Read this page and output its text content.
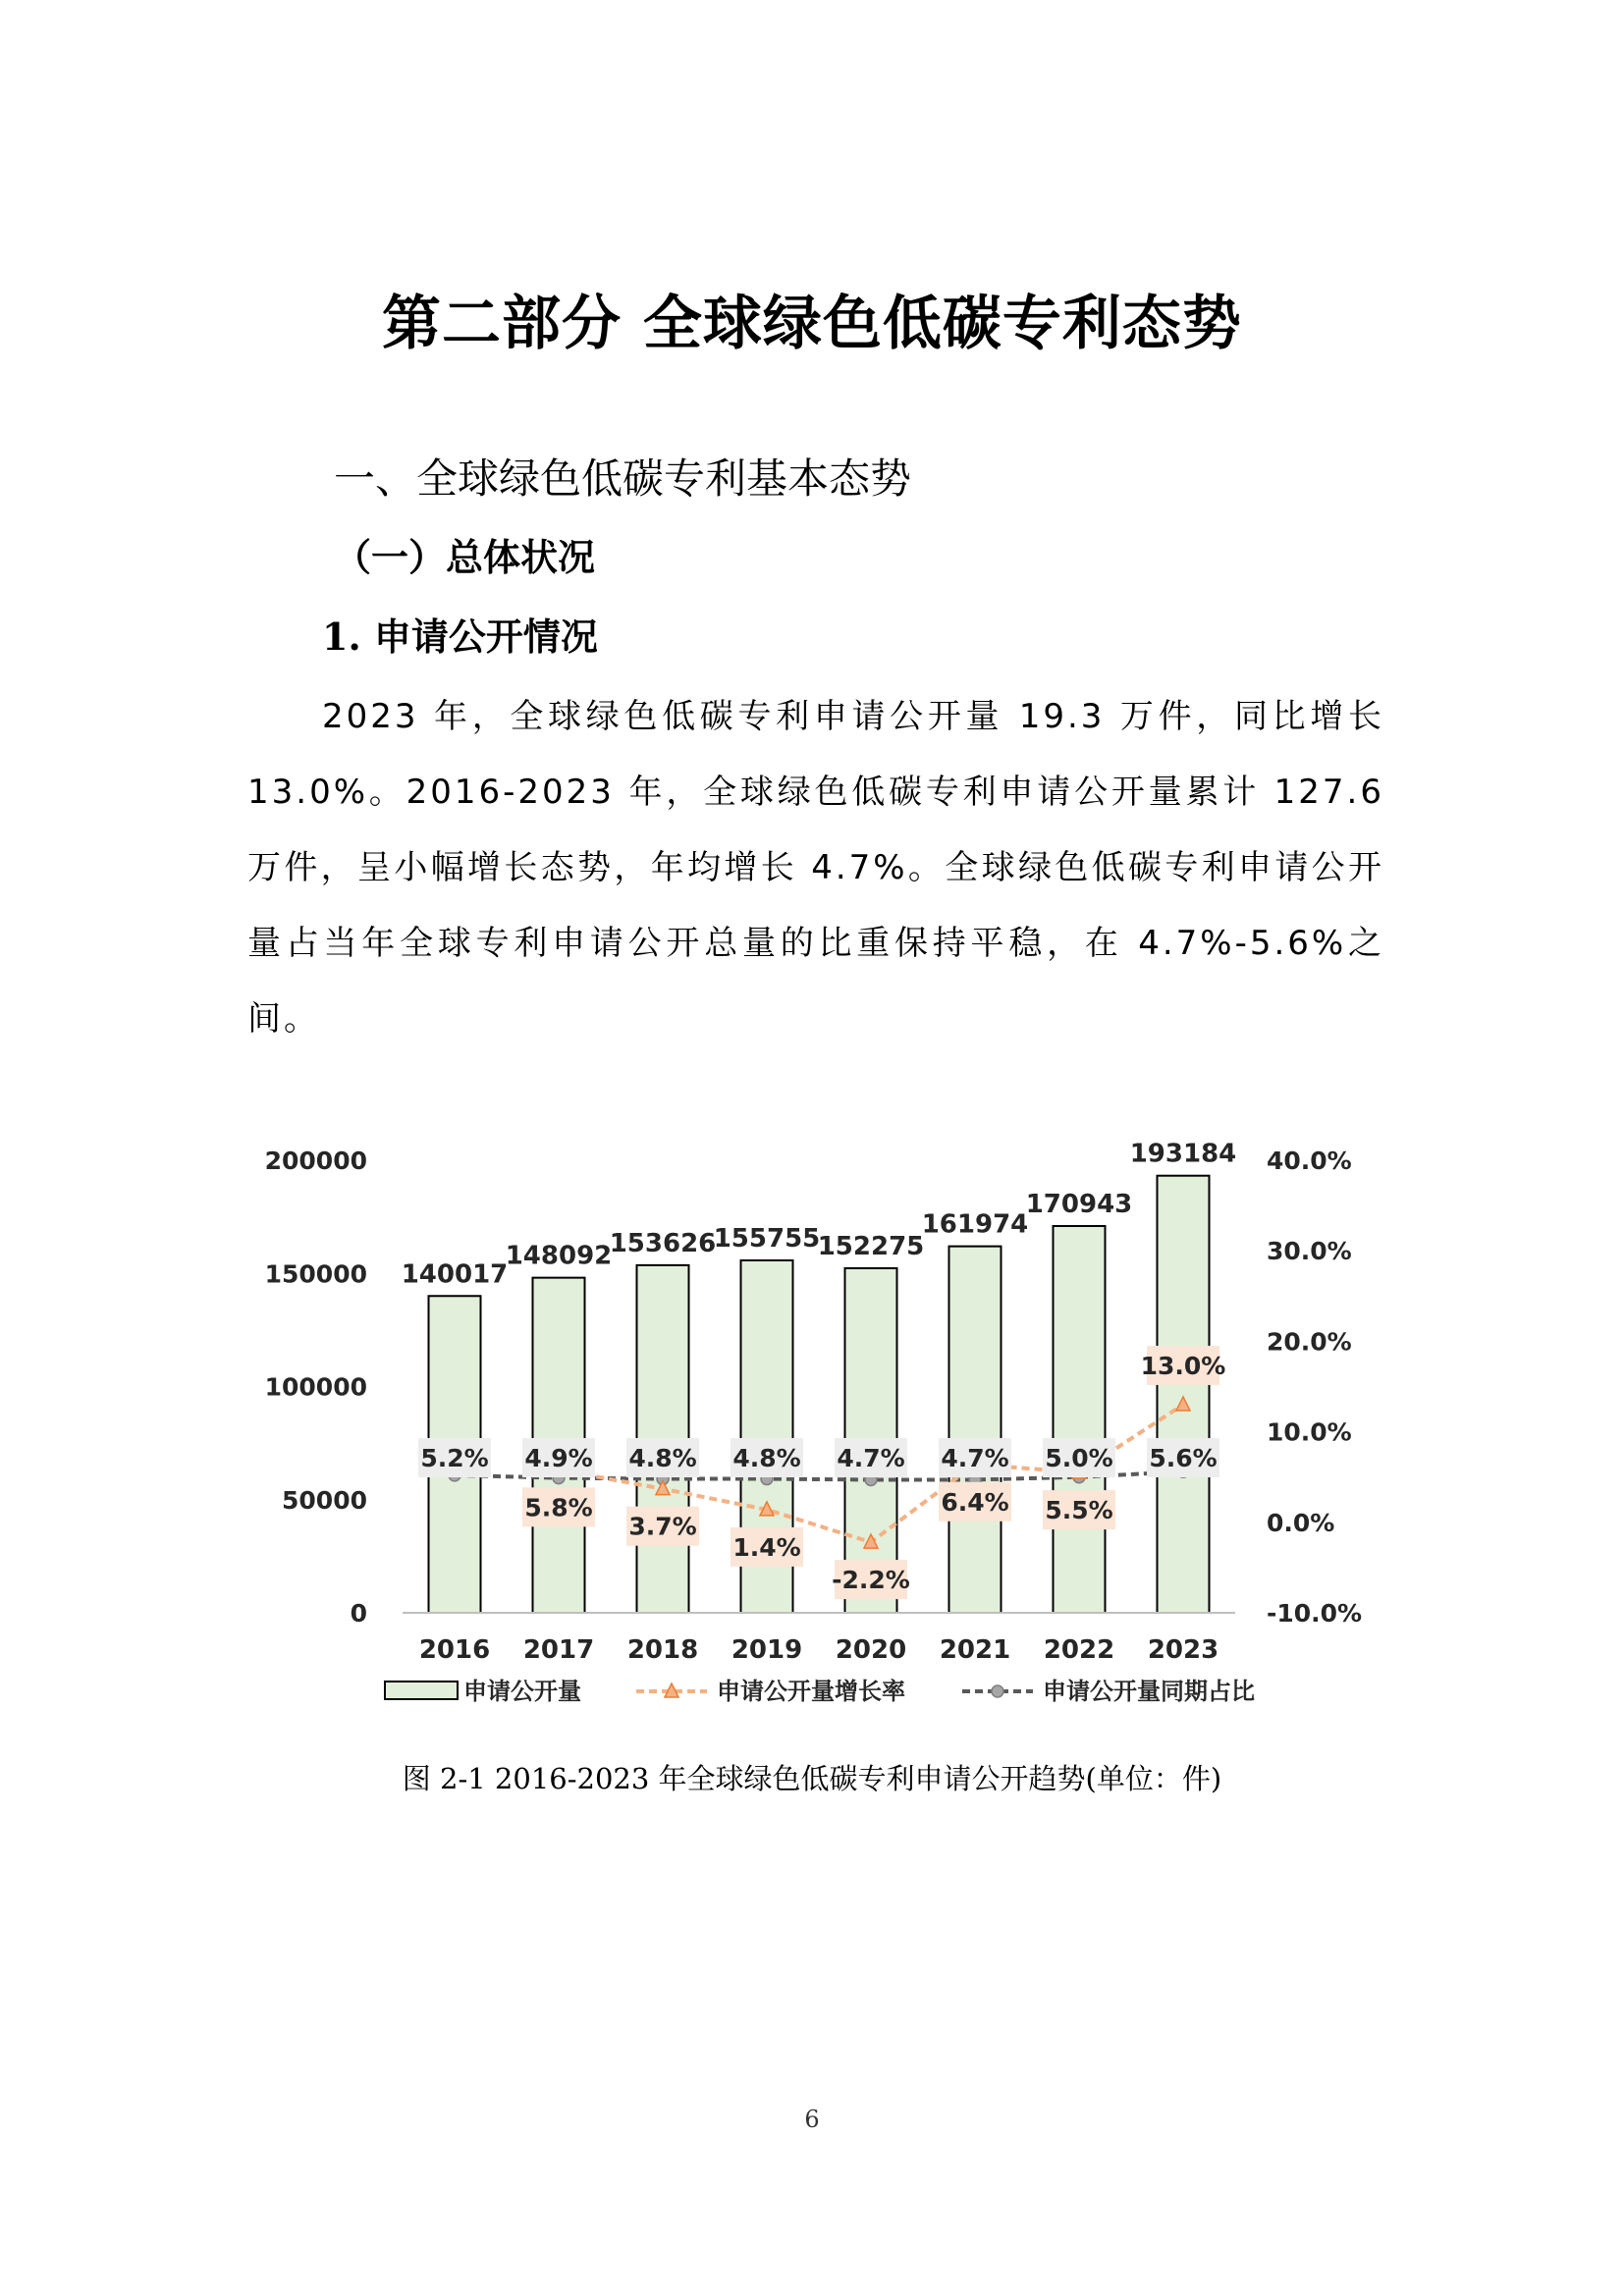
第二部分 全球绿色低碳专利态势
一、全球绿色低碳专利基本态势
（一）总体状况
1. 申请公开情况
2023 年，全球绿色低碳专利申请公开量 19.3 万件，同比增长 13.0%。2016-2023 年，全球绿色低碳专利申请公开量累计 127.6 万件，呈小幅增长态势，年均增长 4.7%。全球绿色低碳专利申请公开量占当年全球专利申请公开总量的比重保持平稳，在 4.7%-5.6%之间。
0
50000
100000
150000
200000
-10.0%
0.0%
10.0%
20.0%
30.0%
40.0%
140017
148092
153626
155755
152275
161974
170943
193184
2016 2017 2018 2019 2020 2021 2022 2023
5.2% 4.9% 4.8% 4.8% 4.7% 4.7% 5.0% 5.6%
5.8%
3.7%
1.4%
-2.2%
6.4% 5.5%
13.0%
申请公开量	申请公开量增长率	申请公开量同期占比
图 2-1 2016-2023 年全球绿色低碳专利申请公开趋势(单位：件)
6
